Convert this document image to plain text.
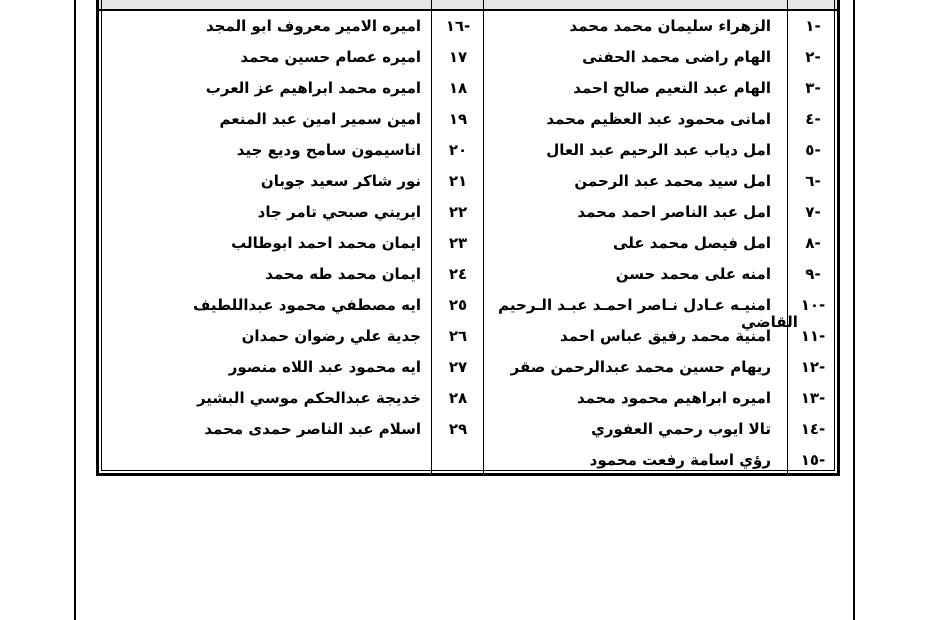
-١
الزهراء سليمان محمد محمد
-١٦
اميره الامير معروف ابو المجد
-٢
الهام راضى محمد الحفنى
١٧
اميره عصام حسين محمد
-٣
الهام عبد النعيم صالح احمد
١٨
اميره محمد ابراهيم عز العرب
-٤
امانى محمود عبد العظيم محمد
١٩
امين سمير امين عبد المنعم
-٥
امل دياب عبد الرحيم عبد العال
٢٠
اناسيمون سامح وديع جيد
-٦
امل سيد محمد عبد الرحمن
٢١
نور شاكر سعيد جوبان
-٧
امل عبد الناصر احمد محمد
٢٢
ايريني صبحي تامر جاد
-٨
امل فيصل محمد على
٢٣
ايمان محمد احمد ابوطالب
-٩
امنه على محمد حسن
٢٤
ايمان محمد طه محمد
-١٠
امنيـه عـادل نـاصر احمـد عبـد الـرحيم
٢٥
ايه مصطفي محمود عبداللطيف
-١١
امنية محمد رفيق عباس احمد
٢٦
جدية علي رضوان حمدان
-١٢
ريهام حسين محمد عبدالرحمن صقر
٢٧
ايه محمود عبد اللاه منصور
-١٣
اميره ابراهيم محمود محمد
٢٨
خديجة عبدالحكم موسي البشير
-١٤
تالا ايوب رحمي العفوري
٢٩
اسلام عبد الناصر حمدى محمد
-١٥
رؤي اسامة رفعت محمود
القاضي
